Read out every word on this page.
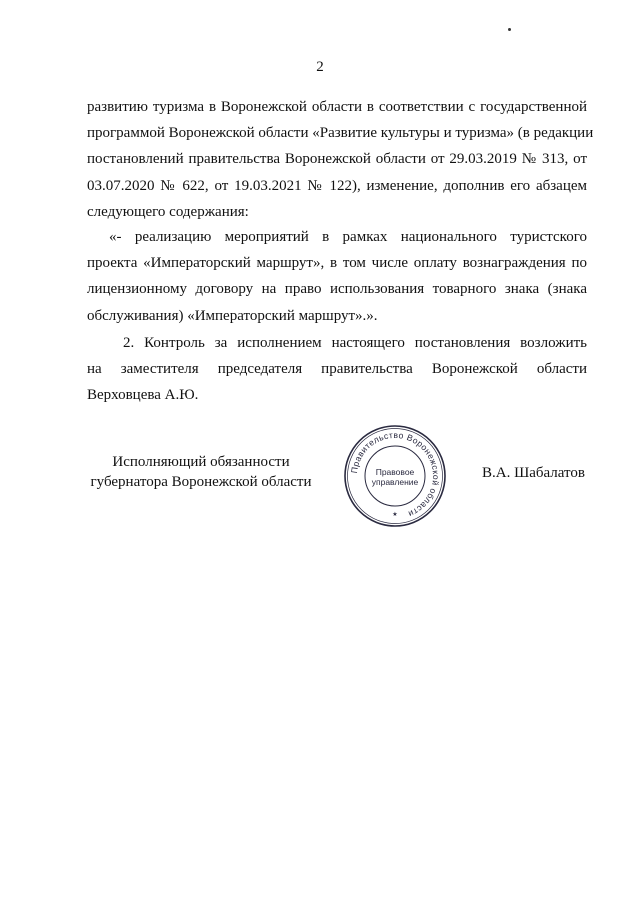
2
развитию туризма в Воронежской области в соответствии с государственной
программой Воронежской области «Развитие культуры и туризма» (в редакции
постановлений правительства Воронежской области от 29.03.2019 № 313, от
03.07.2020 № 622, от 19.03.2021 № 122), изменение, дополнив его абзацем
следующего содержания:
«- реализацию мероприятий в рамках национального туристского
проекта «Императорский маршрут», в том числе оплату вознаграждения по
лицензионному договору на право использования товарного знака (знака
обслуживания) «Императорский маршрут».».
2. Контроль за исполнением настоящего постановления возложить
на заместителя председателя правительства Воронежской области
Верховцева А.Ю.
Исполняющий обязанности
губернатора Воронежской области
Правительство Воронежской области
Правовое
управление
★
В.А. Шабалатов
